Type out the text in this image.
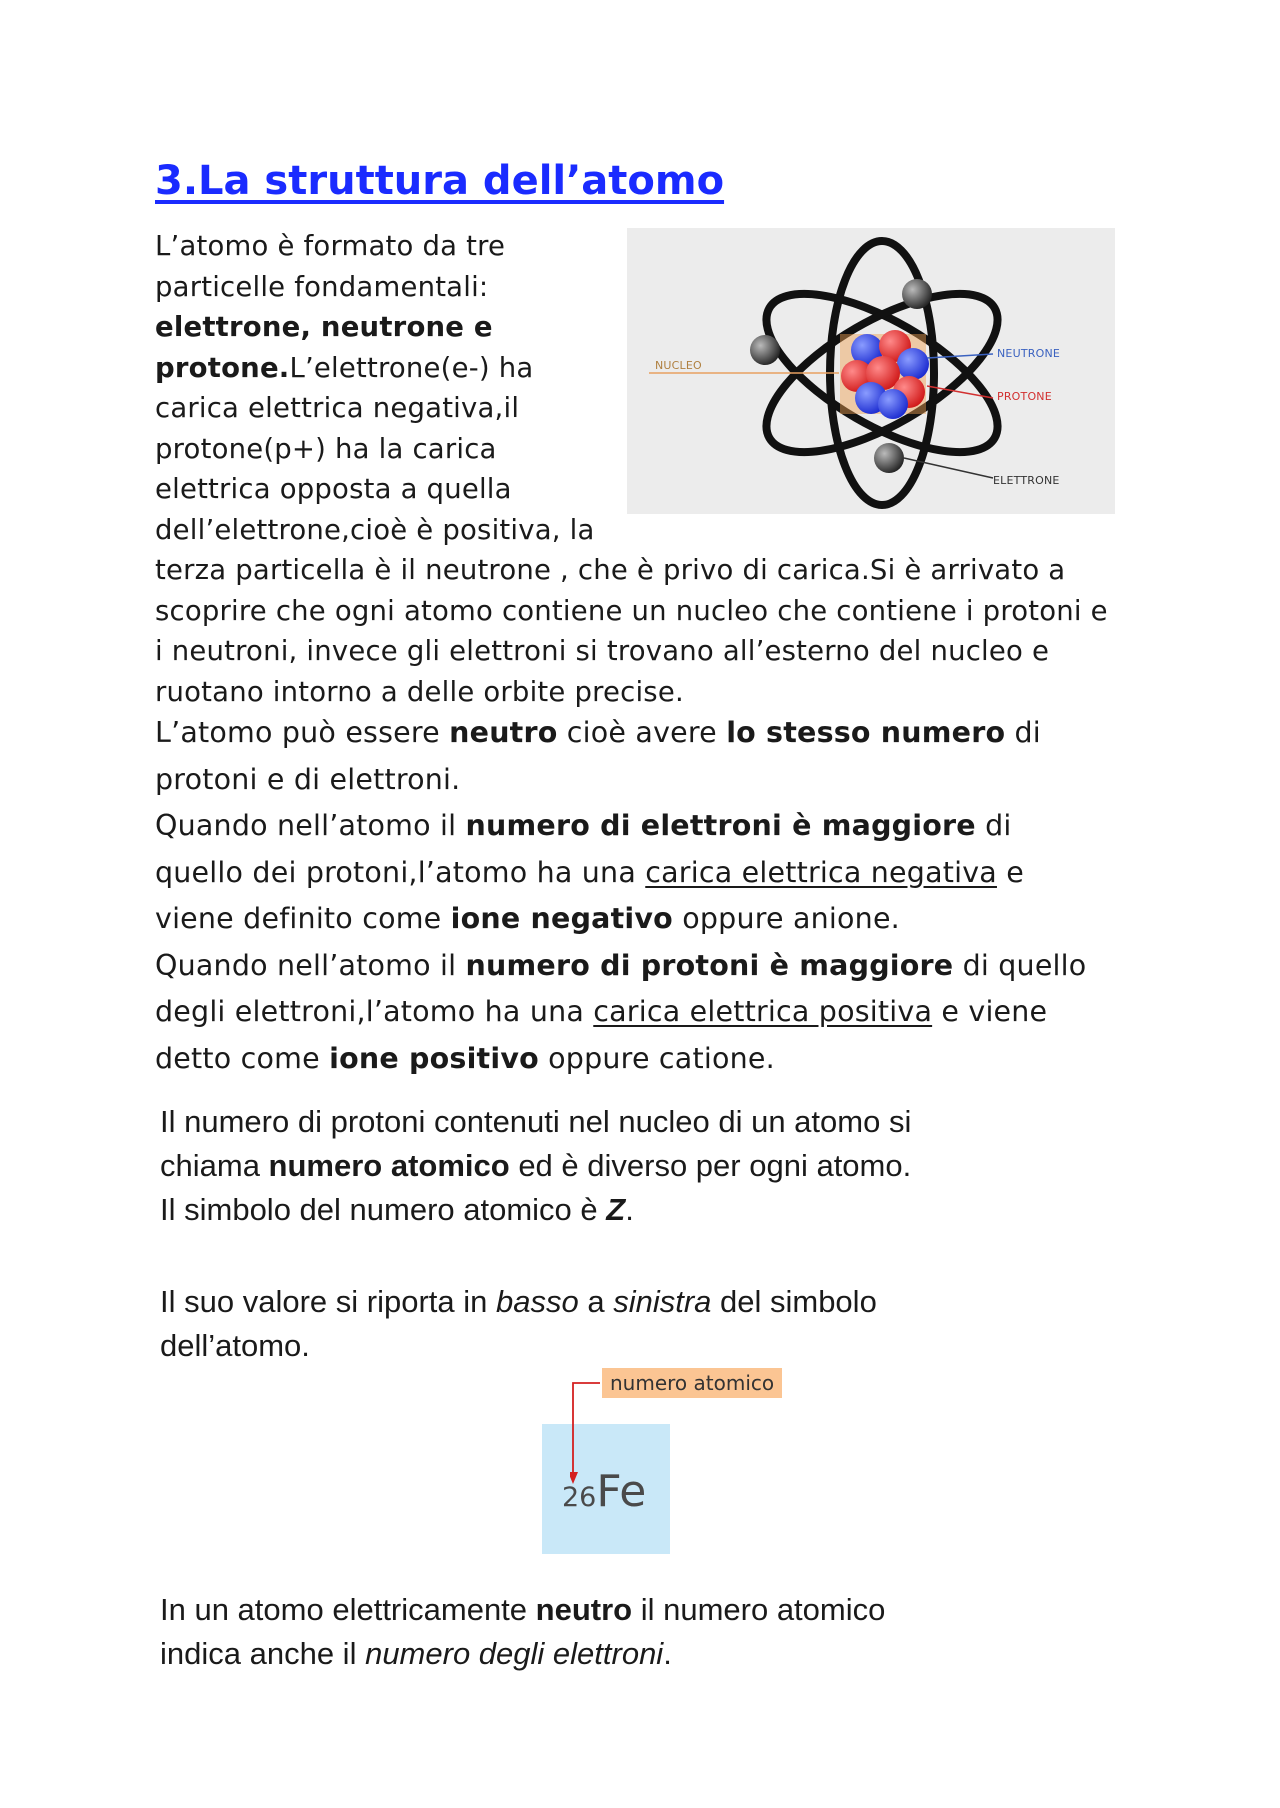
3.La struttura dell’atomo
NUCLEO
NEUTRONE
PROTONE
ELETTRONE
L’atomo è formato da tre particelle fondamentali: elettrone, neutrone e protone.L’elettrone(e-) ha carica elettrica negativa,il protone(p+) ha la carica elettrica opposta a quella dell’elettrone,cioè è positiva, la terza particella è il neutrone , che è privo di carica.Si è arrivato a scoprire che ogni atomo contiene un nucleo che contiene i protoni e i neutroni, invece gli elettroni si trovano all’esterno del nucleo e ruotano intorno a delle orbite precise.
L’atomo può essere neutro cioè avere lo stesso numero di
protoni e di elettroni.
Quando nell’atomo il numero di elettroni è maggiore di
quello dei protoni,l’atomo ha una carica elettrica negativa e
viene definito come ione negativo oppure anione.
Quando nell’atomo il numero di protoni è maggiore di quello
degli elettroni,l’atomo ha una carica elettrica positiva e viene
detto come ione positivo oppure catione.
Il numero di protoni contenuti nel nucleo di un atomo si
chiama numero atomico ed è diverso per ogni atomo.
Il simbolo del numero atomico è Z.
Il suo valore si riporta in basso a sinistra del simbolo
dell’atomo.
numero atomico
26Fe
In un atomo elettricamente neutro il numero atomico
indica anche il numero degli elettroni.
